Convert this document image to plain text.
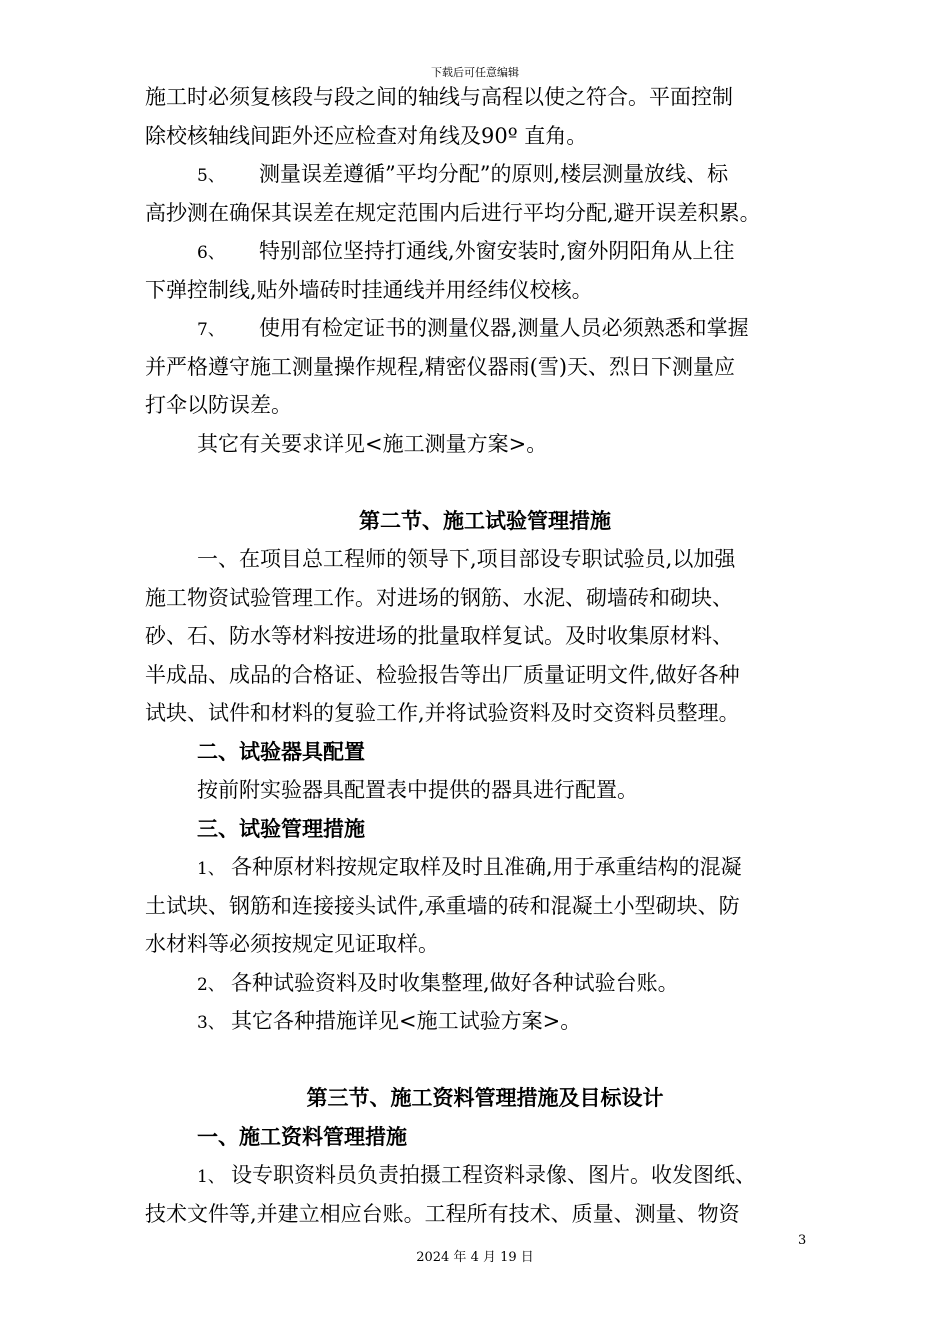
下载后可任意编辑
施工时必须复核段与段之间的轴线与高程以使之符合。平面控制
除校核轴线间距外还应检查对角线及90º 直角。
5、 测量误差遵循”平均分配”的原则,楼层测量放线、标
高抄测在确保其误差在规定范围内后进行平均分配,避开误差积累。
6、 特别部位坚持打通线,外窗安装时,窗外阴阳角从上往
下弹控制线,贴外墙砖时挂通线并用经纬仪校核。
7、 使用有检定证书的测量仪器,测量人员必须熟悉和掌握
并严格遵守施工测量操作规程,精密仪器雨(雪)天、烈日下测量应
打伞以防误差。
其它有关要求详见<施工测量方案>。
第二节、施工试验管理措施
一、在项目总工程师的领导下,项目部设专职试验员,以加强
施工物资试验管理工作。对进场的钢筋、水泥、砌墙砖和砌块、
砂、石、防水等材料按进场的批量取样复试。及时收集原材料、
半成品、成品的合格证、检验报告等出厂质量证明文件,做好各种
试块、试件和材料的复验工作,并将试验资料及时交资料员整理。
二、试验器具配置
按前附实验器具配置表中提供的器具进行配置。
三、试验管理措施
1、 各种原材料按规定取样及时且准确,用于承重结构的混凝
土试块、钢筋和连接接头试件,承重墙的砖和混凝土小型砌块、防
水材料等必须按规定见证取样。
2、 各种试验资料及时收集整理,做好各种试验台账。
3、 其它各种措施详见<施工试验方案>。
第三节、施工资料管理措施及目标设计
一、施工资料管理措施
1、 设专职资料员负责拍摄工程资料录像、图片。收发图纸、
技术文件等,并建立相应台账。工程所有技术、质量、测量、物资
3
2024 年 4 月 19 日
